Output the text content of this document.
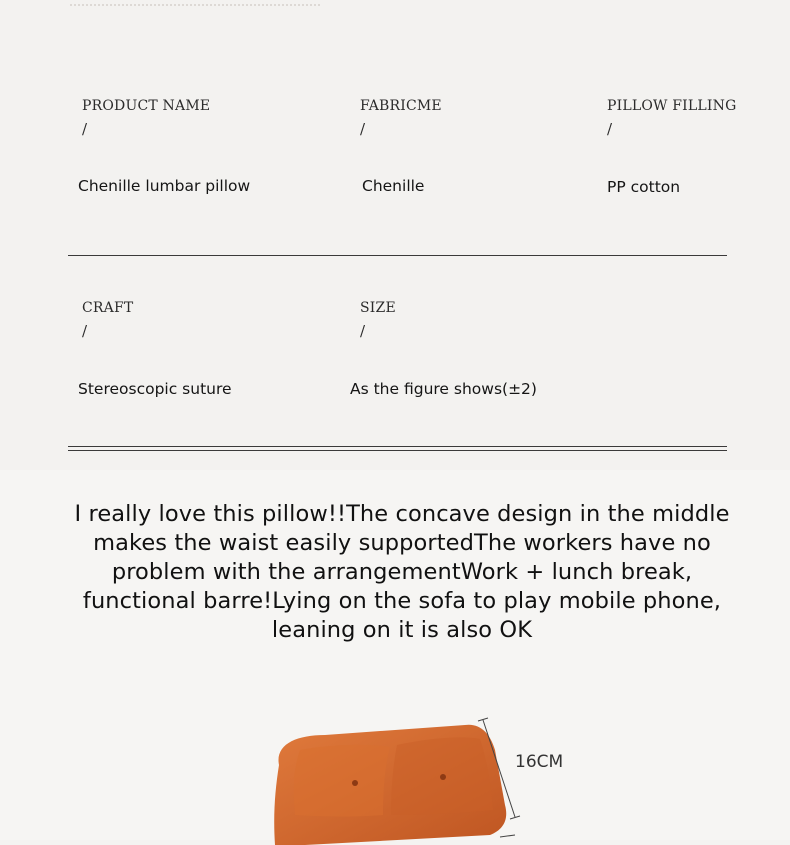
PRODUCT NAME
/
Chenille lumbar pillow
FABRICME
/
Chenille
PILLOW FILLING
/
PP cotton
CRAFT
/
Stereoscopic suture
SIZE
/
As the figure shows(±2)
I really love this pillow!!The concave design in the middle makes the waist easily supportedThe workers have no problem with the arrangementWork + lunch break, functional barre!Lying on the sofa to play mobile phone, leaning on it is also OK
16CM
